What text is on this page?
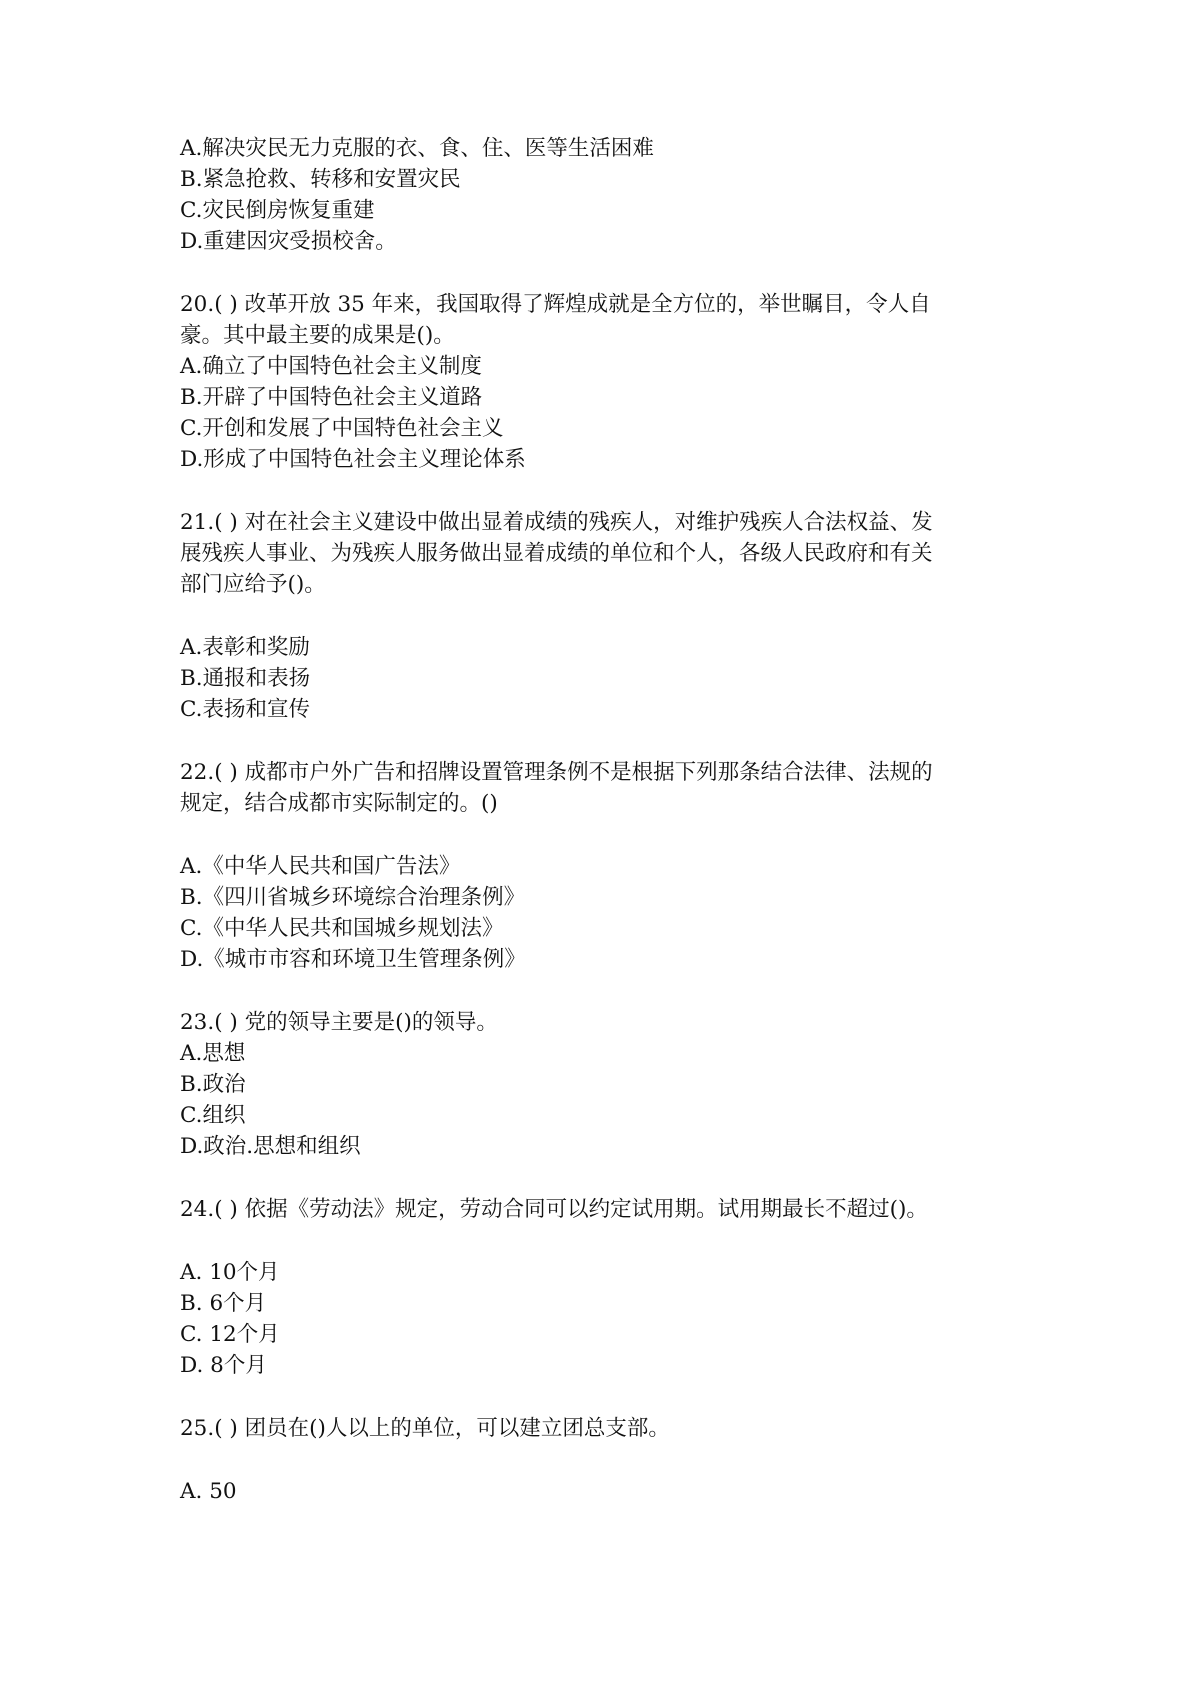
A.解决灾民无力克服的衣、食、住、医等生活困难
B.紧急抢救、转移和安置灾民
C.灾民倒房恢复重建
D.重建因灾受损校舍。
20.( ) 改革开放 35 年来，我国取得了辉煌成就是全方位的，举世瞩目，令人自
豪。其中最主要的成果是()。
A.确立了中国特色社会主义制度
B.开辟了中国特色社会主义道路
C.开创和发展了中国特色社会主义
D.形成了中国特色社会主义理论体系
21.( ) 对在社会主义建设中做出显着成绩的残疾人，对维护残疾人合法权益、发
展残疾人事业、为残疾人服务做出显着成绩的单位和个人，各级人民政府和有关
部门应给予()。
A.表彰和奖励
B.通报和表扬
C.表扬和宣传
22.( ) 成都市户外广告和招牌设置管理条例不是根据下列那条结合法律、法规的
规定，结合成都市实际制定的。()
A.《中华人民共和国广告法》
B.《四川省城乡环境综合治理条例》
C.《中华人民共和国城乡规划法》
D.《城市市容和环境卫生管理条例》
23.( ) 党的领导主要是()的领导。
A.思想
B.政治
C.组织
D.政治.思想和组织
24.( ) 依据《劳动法》规定，劳动合同可以约定试用期。试用期最长不超过()。
A. 10个月
B. 6个月
C. 12个月
D. 8个月
25.( ) 团员在()人以上的单位，可以建立团总支部。
A. 50
